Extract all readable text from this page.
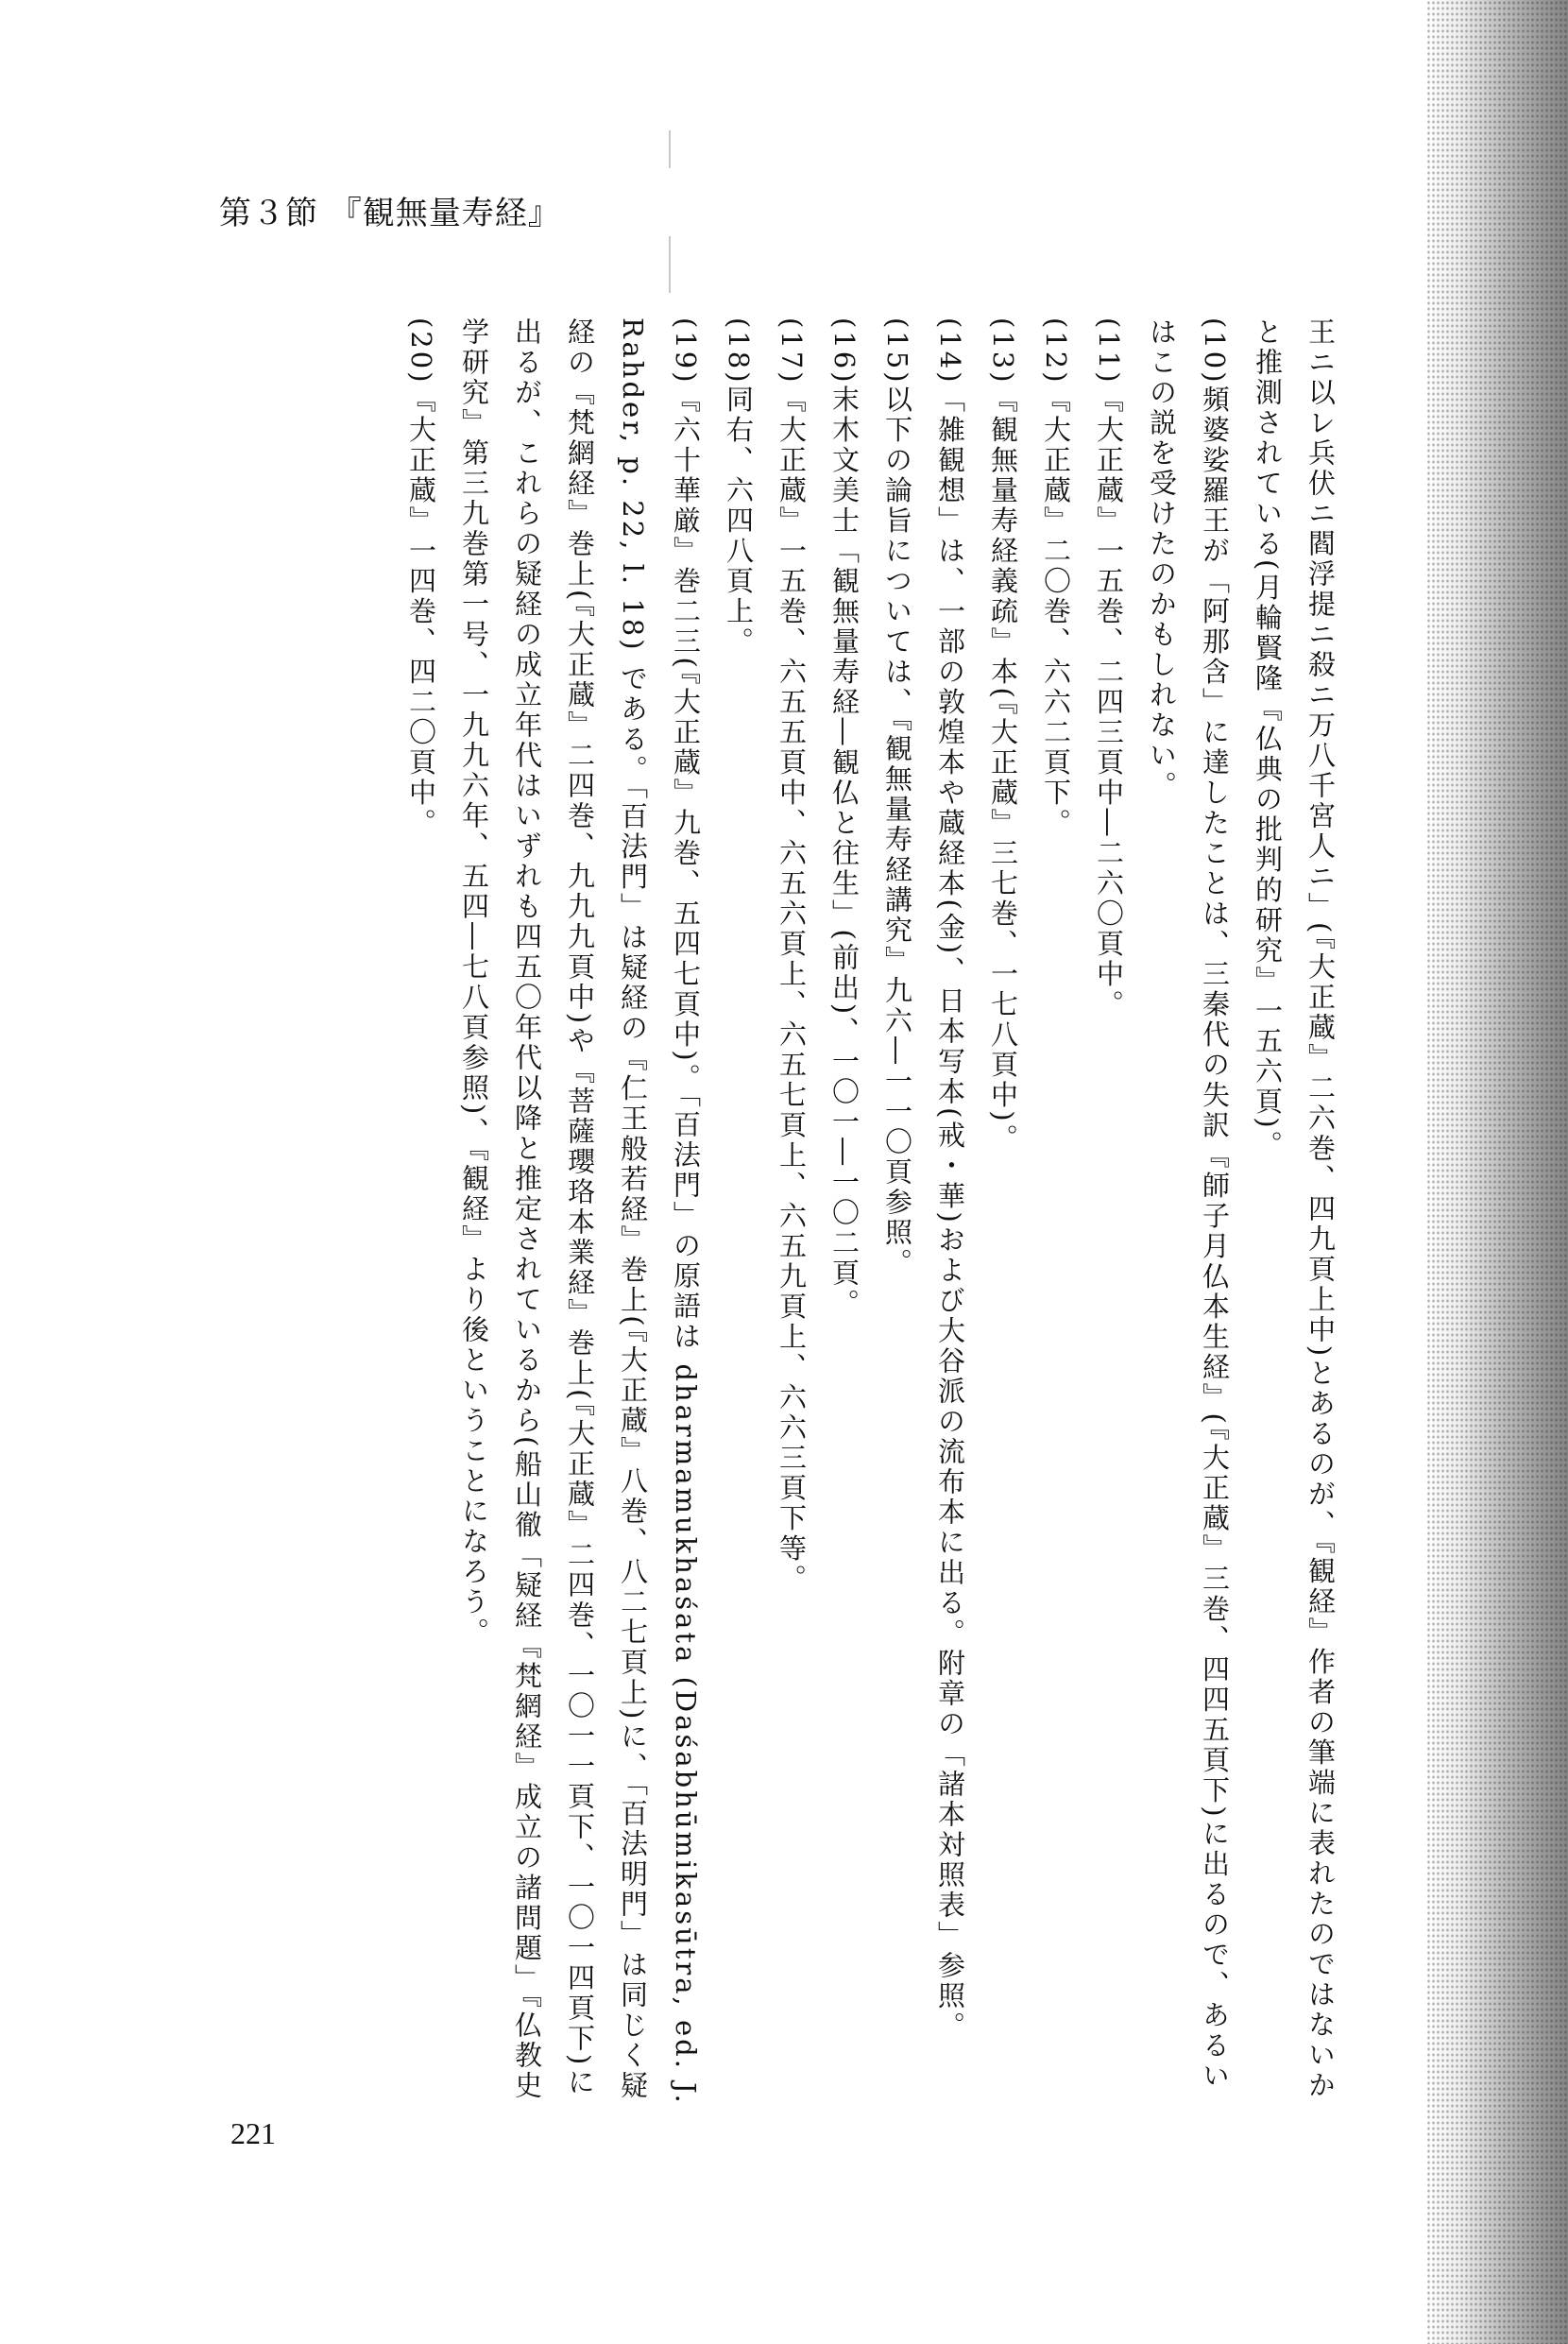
第３節 『観無量寿経』

王ニ以レ兵伏ニ閻浮提ニ殺ニ万八千宮人ニ」(『大正蔵』二六巻、四九頁上中)とあるのが、『観経』作者の筆端に表れたのではないかと推測されている(月輪賢隆『仏典の批判的研究』一五六頁)。

(10)頻婆娑羅王が「阿那含」に達したことは、三秦代の失訳『師子月仏本生経』(『大正蔵』三巻、四四五頁下)に出るので、あるいはこの説を受けたのかもしれない。

(11)『大正蔵』一五巻、二四三頁中―二六〇頁中。

(12)『大正蔵』二〇巻、六六二頁下。

(13)『観無量寿経義疏』本(『大正蔵』三七巻、一七八頁中)。

(14)「雑観想」は、一部の敦煌本や蔵経本(金)、日本写本(戒・華)および大谷派の流布本に出る。附章の「諸本対照表」参照。

(15)以下の論旨については、『観無量寿経講究』九六―一一〇頁参照。

(16)末木文美士「観無量寿経―観仏と往生」(前出)、一〇一―一〇二頁。

(17)『大正蔵』一五巻、六五五頁中、六五六頁上、六五七頁上、六五九頁上、六六三頁下等。

(18)同右、六四八頁上。

(19)『六十華厳』巻二三(『大正蔵』九巻、五四七頁中)。「百法門」の原語は dharmamukhaśata (Daśabhūmikasūtra, ed. J. Rahder, p. 22, l. 18) である。「百法門」は疑経の『仁王般若経』巻上(『大正蔵』八巻、八二七頁上)に、「百法明門」は同じく疑経の『梵網経』巻上(『大正蔵』二四巻、九九九頁中)や『菩薩瓔珞本業経』巻上(『大正蔵』二四巻、一〇一一頁下、一〇一四頁下)に出るが、これらの疑経の成立年代はいずれも四五〇年代以降と推定されているから(船山徹「疑経『梵網経』成立の諸問題」『仏教史学研究』第三九巻第一号、一九九六年、五四―七八頁参照)、『観経』より後ということになろう。

(20)『大正蔵』一四巻、四二〇頁中。

221
